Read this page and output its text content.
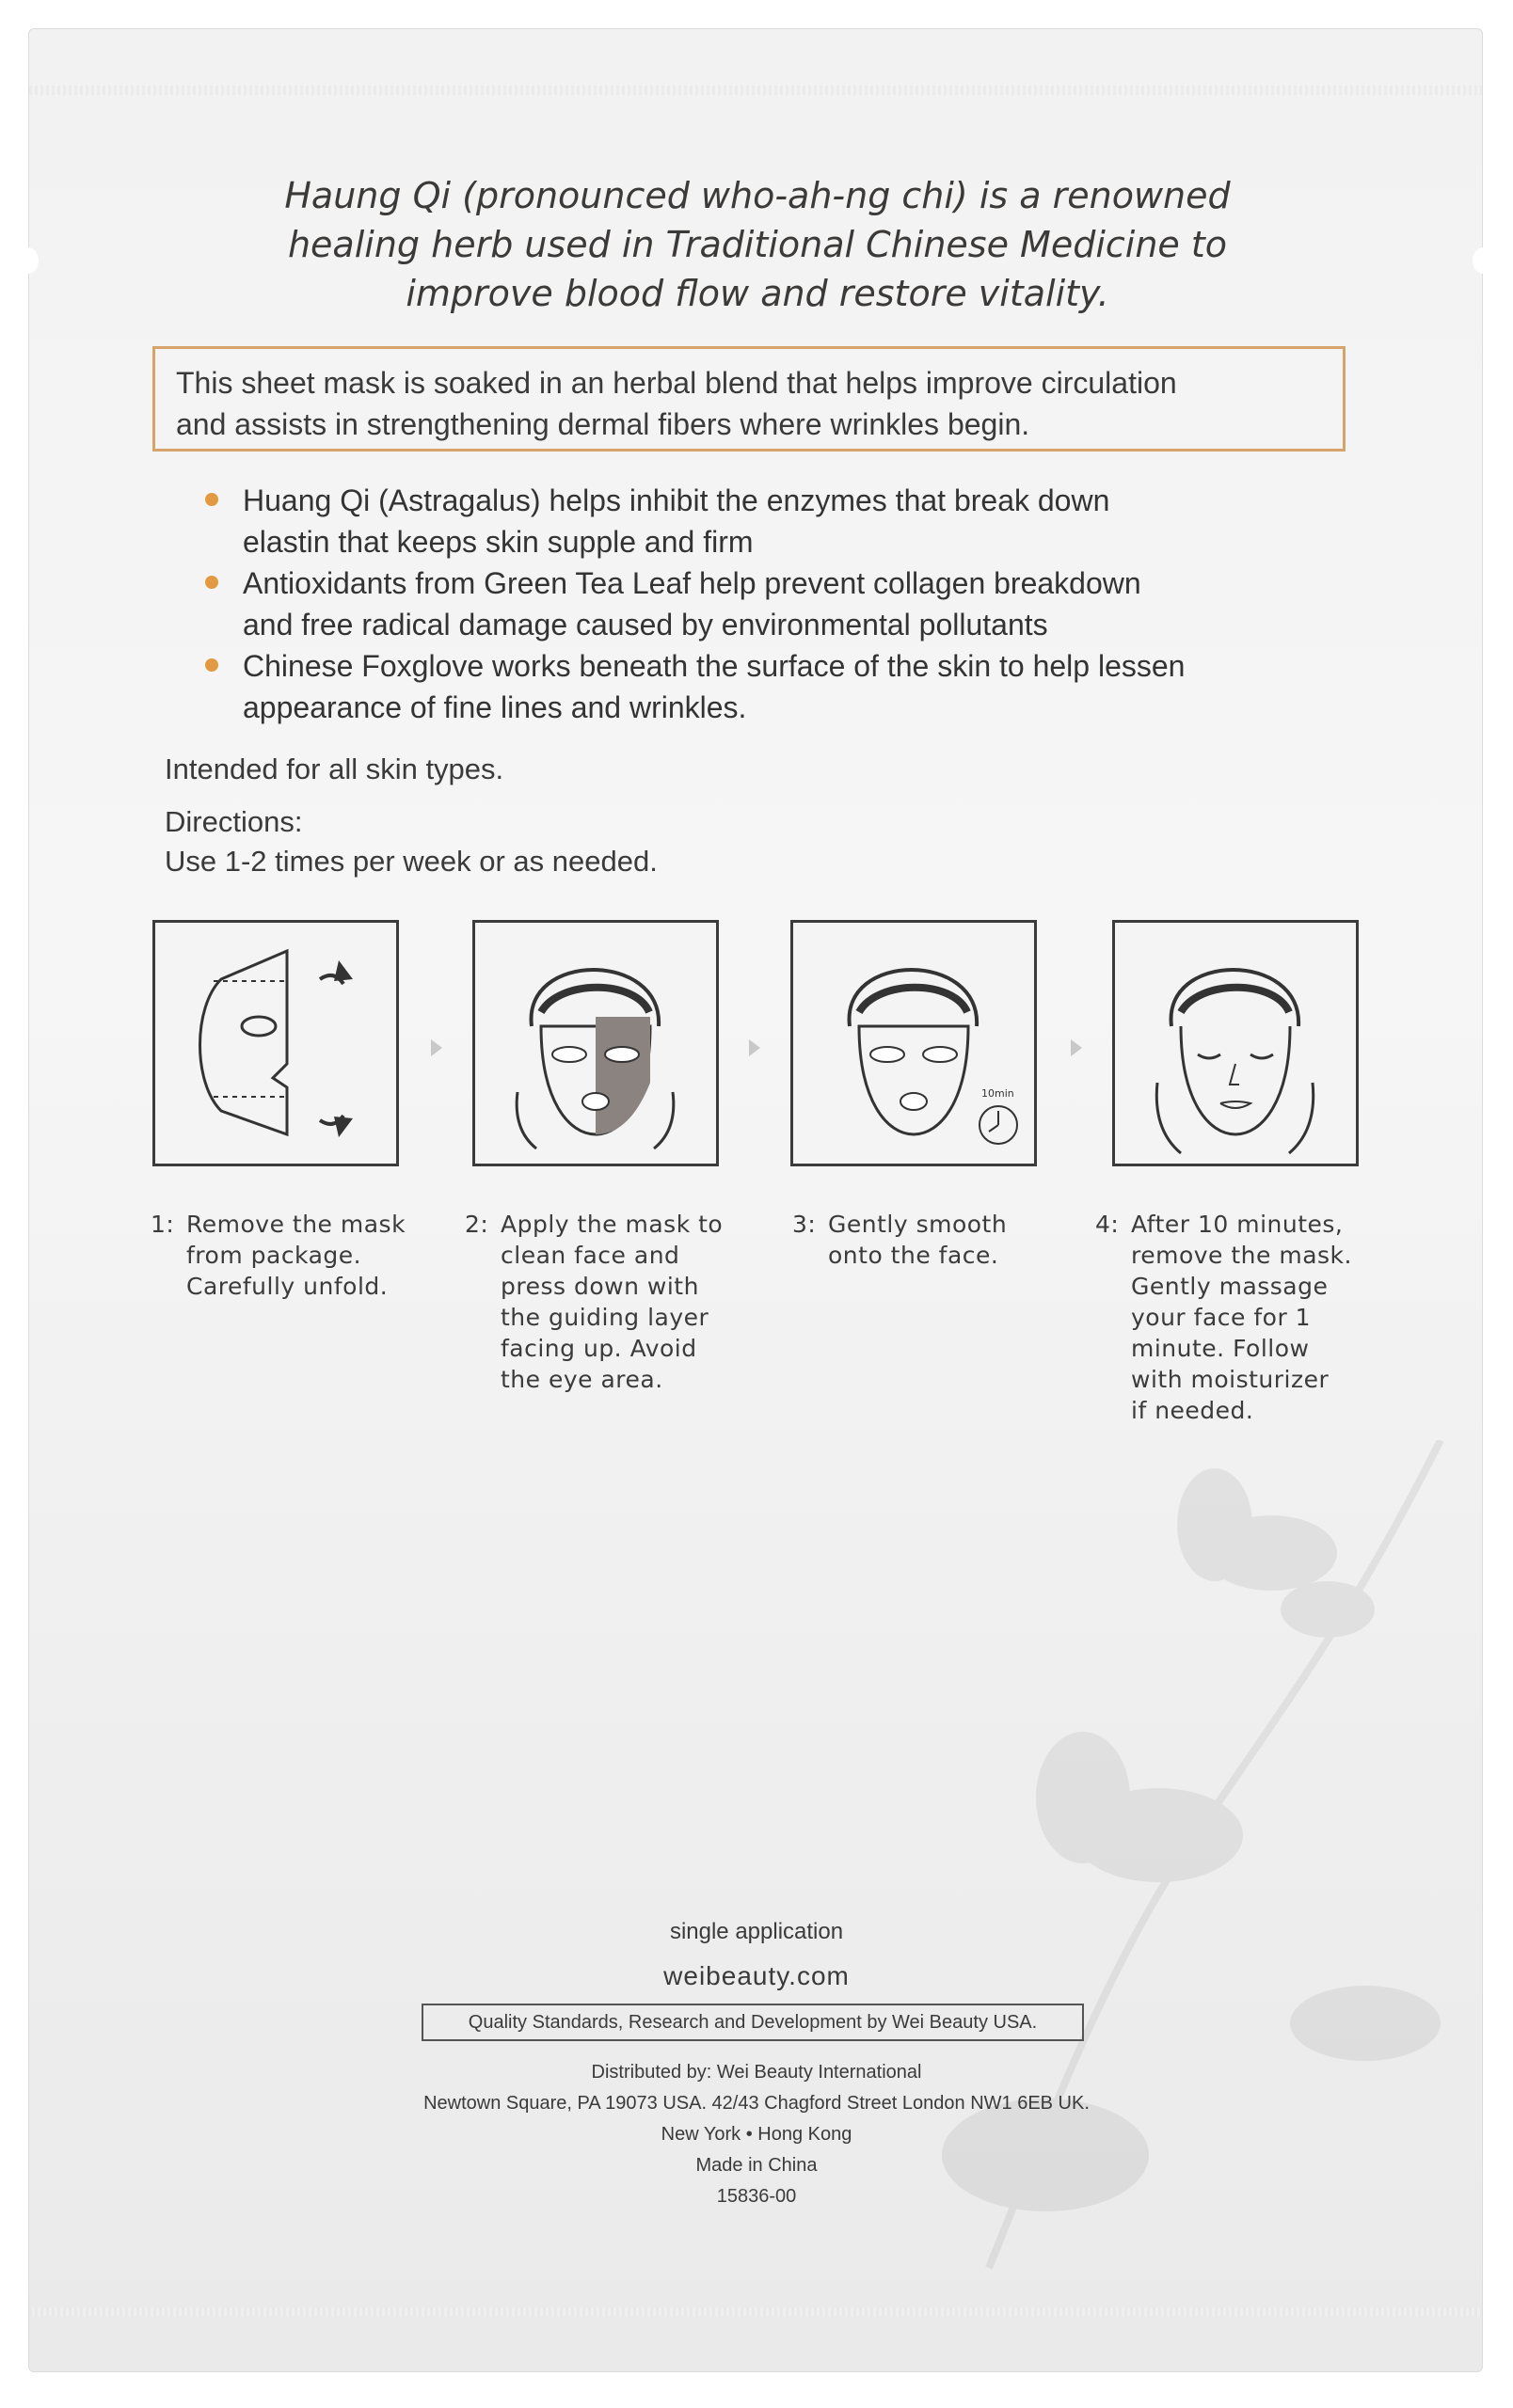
Haung Qi (pronounced who-ah-ng chi) is a renowned
healing herb used in Traditional Chinese Medicine to
improve blood flow and restore vitality.
This sheet mask is soaked in an herbal blend that helps improve circulation
and assists in strengthening dermal fibers where wrinkles begin.
Huang Qi (Astragalus) helps inhibit the enzymes that break down
elastin that keeps skin supple and firm
Antioxidants from Green Tea Leaf help prevent collagen breakdown
and free radical damage caused by environmental pollutants
Chinese Foxglove works beneath the surface of the skin to help lessen
appearance of fine lines and wrinkles.
Intended for all skin types.
Directions:
Use 1-2 times per week or as needed.
10min
1: Remove the mask
from package.
Carefully unfold.
2: Apply the mask to
clean face and
press down with
the guiding layer
facing up. Avoid
the eye area.
3: Gently smooth
onto the face.
4: After 10 minutes,
remove the mask.
Gently massage
your face for 1
minute. Follow
with moisturizer
if needed.
single application
weibeauty.com
Quality Standards, Research and Development by Wei Beauty USA.
Distributed by: Wei Beauty International
Newtown Square, PA 19073 USA. 42/43 Chagford Street London NW1 6EB UK.
New York • Hong Kong
Made in China
15836-00
